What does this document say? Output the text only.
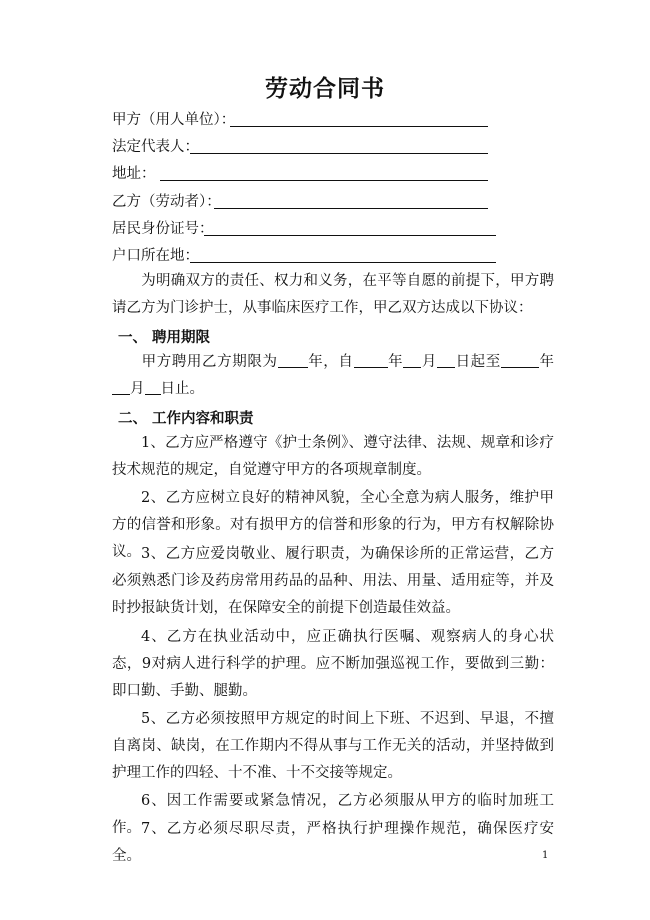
劳动合同书
甲方（用人单位）：
法定代表人：
地址：
乙方（劳动者）：
居民身份证号：
户口所在地：

为明确双方的责任、权力和义务，在平等自愿的前提下，甲方聘请乙方为门诊护士，从事临床医疗工作，甲乙双方达成以下协议：

一、 聘用期限

甲方聘用乙方期限为 年，自 年 月 日起至	年月 日止。

二、 工作内容和职责

1、乙方应严格遵守《护士条例》、遵守法律、法规、规章和诊疗技术规范的规定，自觉遵守甲方的各项规章制度。

2、乙方应树立良好的精神风貌，全心全意为病人服务，维护甲方的信誉和形象。对有损甲方的信誉和形象的行为，甲方有权解除协议。 3、乙方应爱岗敬业、履行职责，为确保诊所的正常运营，乙方必须熟悉门诊及药房常用药品的品种、用法、用量、适用症等，并及时抄报缺货计划，在保障安全的前提下创造最佳效益。

4、乙方在执业活动中，应正确执行医嘱、观察病人的身心状态，9对病人进行科学的护理。应不断加强巡视工作，要做到三勤：即口勤、手勤、腿勤。

5、乙方必须按照甲方规定的时间上下班、不迟到、早退，不擅自离岗、缺岗，在工作期内不得从事与工作无关的活动，并坚持做到护理工作的四轻、十不准、十不交接等规定。

6、因工作需要或紧急情况，乙方必须服从甲方的临时加班工作。 7、乙方必须尽职尽责，严格执行护理操作规范，确保医疗安全。	1
